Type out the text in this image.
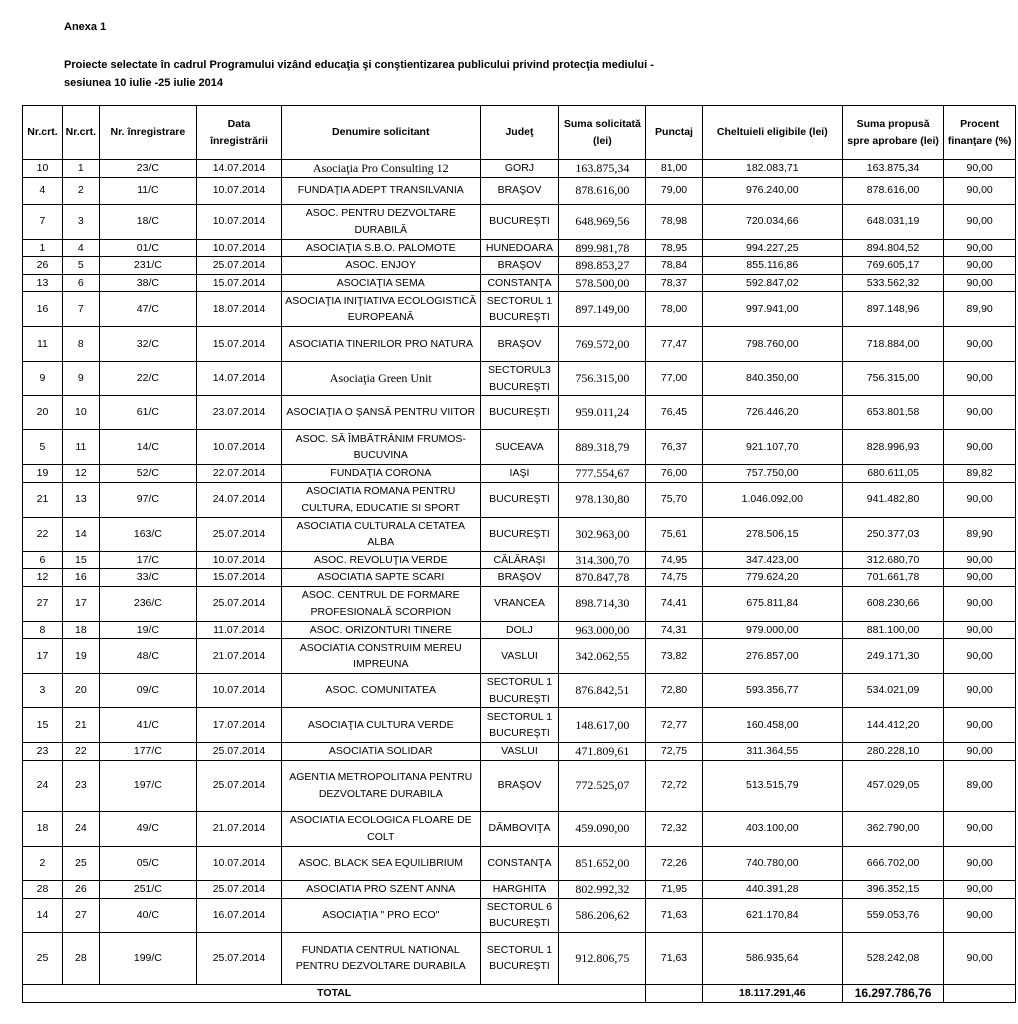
Anexa 1
Proiecte selectate în cadrul Programului vizând educaţia şi conştientizarea publicului privind protecţia mediului -
sesiunea 10 iulie -25 iulie 2014
Nr.crt.	Nr.crt.	Nr. înregistrare	Data înregistrării	Denumire solicitant	Judeţ	Suma solicitată (lei)	Punctaj	Cheltuieli eligibile (lei)	Suma propusă spre aprobare (lei)	Procent finanţare (%)
10	1	23/C	14.07.2014	Asociaţia Pro Consulting 12	GORJ	163.875,34	81,00	182.083,71	163.875,34	90,00
4	2	11/C	10.07.2014	FUNDAŢIA ADEPT TRANSILVANIA	BRAŞOV	878.616,00	79,00	976.240,00	878.616,00	90,00
7	3	18/C	10.07.2014	ASOC. PENTRU DEZVOLTARE DURABILĂ	BUCUREŞTI	648.969,56	78,98	720.034,66	648.031,19	90,00
1	4	01/C	10.07.2014	ASOCIAŢIA S.B.O. PALOMOTE	HUNEDOARA	899.981,78	78,95	994.227,25	894.804,52	90,00
26	5	231/C	25.07.2014	ASOC. ENJOY	BRAŞOV	898.853,27	78,84	855.116,86	769.605,17	90,00
13	6	38/C	15.07.2014	ASOCIAŢIA SEMA	CONSTANŢA	578.500,00	78,37	592.847,02	533.562,32	90,00
16	7	47/C	18.07.2014	ASOCIAŢIA INIŢIATIVA ECOLOGISTICĂ EUROPEANĂ	SECTORUL 1 BUCUREŞTI	897.149,00	78,00	997.941,00	897.148,96	89,90
11	8	32/C	15.07.2014	ASOCIATIA TINERILOR PRO NATURA	BRAŞOV	769.572,00	77,47	798.760,00	718.884,00	90,00
9	9	22/C	14.07.2014	Asociaţia Green Unit	SECTORUL3 BUCUREŞTI	756.315,00	77,00	840.350,00	756.315,00	90,00
20	10	61/C	23.07.2014	ASOCIAŢIA O ŞANSĂ PENTRU VIITOR	BUCUREŞTI	959.011,24	76,45	726.446,20	653.801,58	90,00
5	11	14/C	10.07.2014	ASOC. SĂ ÎMBĂTRÂNIM FRUMOS-BUCUVINA	SUCEAVA	889.318,79	76,37	921.107,70	828.996,93	90,00
19	12	52/C	22.07.2014	FUNDAŢIA CORONA	IAŞI	777.554,67	76,00	757.750,00	680.611,05	89,82
21	13	97/C	24.07.2014	ASOCIATIA ROMANA PENTRU CULTURA, EDUCATIE SI SPORT	BUCUREŞTI	978.130,80	75,70	1.046.092,00	941.482,80	90,00
22	14	163/C	25.07.2014	ASOCIATIA CULTURALA CETATEA ALBA	BUCUREŞTI	302.963,00	75,61	278.506,15	250.377,03	89,90
6	15	17/C	10.07.2014	ASOC. REVOLUŢIA VERDE	CĂLĂRAŞI	314.300,70	74,95	347.423,00	312.680,70	90,00
12	16	33/C	15.07.2014	ASOCIATIA SAPTE SCARI	BRAŞOV	870.847,78	74,75	779.624,20	701.661,78	90,00
27	17	236/C	25.07.2014	ASOC. CENTRUL DE FORMARE PROFESIONALĂ SCORPION	VRANCEA	898.714,30	74,41	675.811,84	608.230,66	90,00
8	18	19/C	11.07.2014	ASOC. ORIZONTURI TINERE	DOLJ	963.000,00	74,31	979.000,00	881.100,00	90,00
17	19	48/C	21.07.2014	ASOCIATIA CONSTRUIM MEREU IMPREUNA	VASLUI	342.062,55	73,82	276.857,00	249.171,30	90,00
3	20	09/C	10.07.2014	ASOC. COMUNITATEA	SECTORUL 1 BUCUREŞTI	876.842,51	72,80	593.356,77	534.021,09	90,00
15	21	41/C	17.07.2014	ASOCIAŢIA CULTURA VERDE	SECTORUL 1 BUCUREŞTI	148.617,00	72,77	160.458,00	144.412,20	90,00
23	22	177/C	25.07.2014	ASOCIATIA SOLIDAR	VASLUI	471.809,61	72,75	311.364,55	280.228,10	90,00
24	23	197/C	25.07.2014	AGENTIA METROPOLITANA PENTRU DEZVOLTARE DURABILA	BRAŞOV	772.525,07	72,72	513.515,79	457.029,05	89,00
18	24	49/C	21.07.2014	ASOCIATIA ECOLOGICA FLOARE DE COLT	DÂMBOVIŢA	459.090,00	72,32	403.100,00	362.790,00	90,00
2	25	05/C	10.07.2014	ASOC. BLACK SEA EQUILIBRIUM	CONSTANŢA	851.652,00	72,26	740.780,00	666.702,00	90,00
28	26	251/C	25.07.2014	ASOCIATIA PRO SZENT ANNA	HARGHITA	802.992,32	71,95	440.391,28	396.352,15	90,00
14	27	40/C	16.07.2014	ASOCIAŢIA " PRO ECO"	SECTORUL 6 BUCUREŞTI	586.206,62	71,63	621.170,84	559.053,76	90,00
25	28	199/C	25.07.2014	FUNDATIA CENTRUL NATIONAL PENTRU DEZVOLTARE DURABILA	SECTORUL 1 BUCUREŞTI	912.806,75	71,63	586.935,64	528.242,08	90,00
TOTAL								18.117.291,46	16.297.786,76	
